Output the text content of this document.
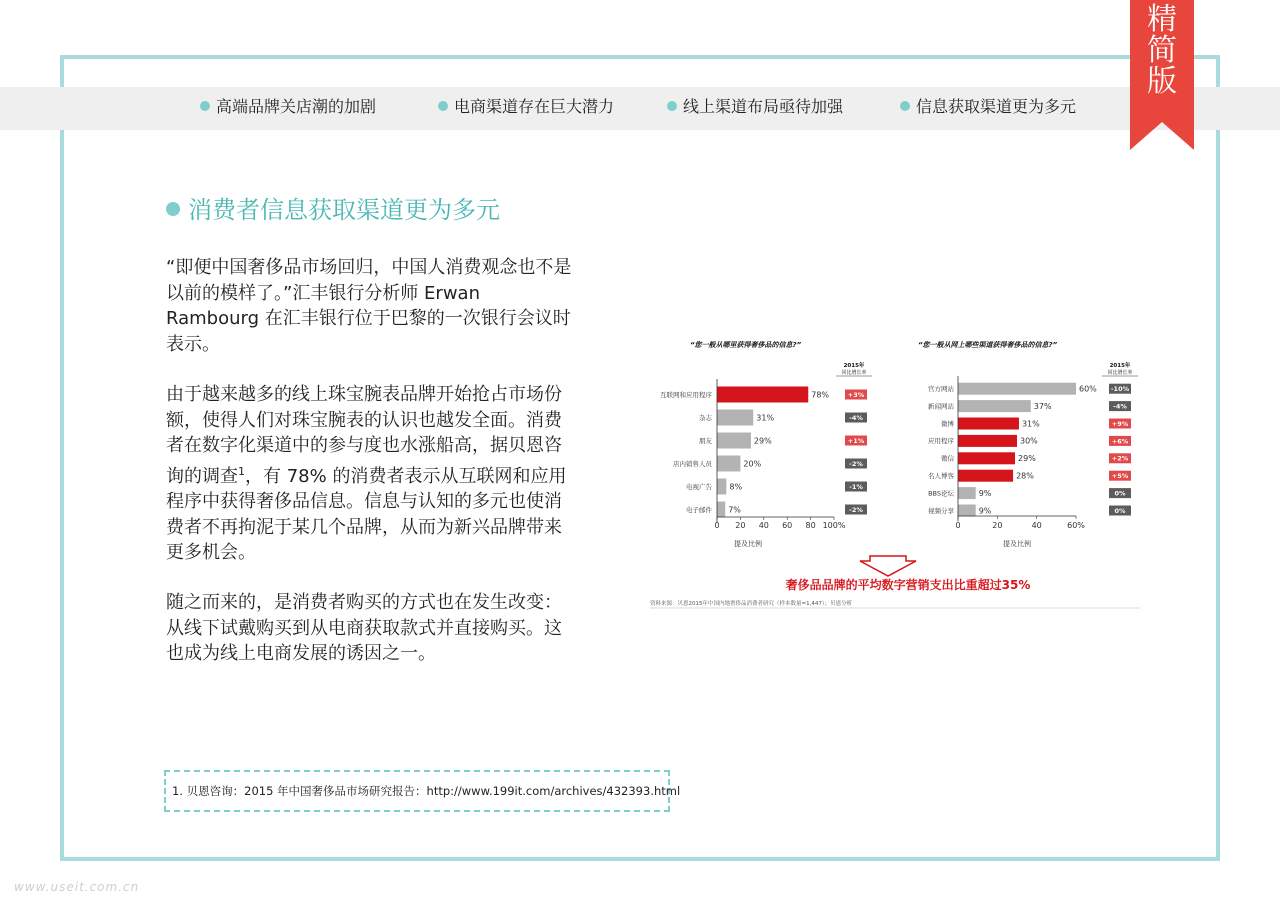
高端品牌关店潮的加剧	电商渠道存在巨大潜力	线上渠道布局亟待加强	信息获取渠道更为多元
精
简
版
消费者信息获取渠道更为多元

“即便中国奢侈品市场回归，中国人消费观念也不是以前的模样了。”汇丰银行分析师 Erwan Rambourg 在汇丰银行位于巴黎的一次银行会议时表示。

由于越来越多的线上珠宝腕表品牌开始抢占市场份额，使得人们对珠宝腕表的认识也越发全面。消费者在数字化渠道中的参与度也水涨船高，据贝恩咨询的调查$^1$，有 78% 的消费者表示从互联网和应用程序中获得奢侈品信息。信息与认知的多元也使消费者不再拘泥于某几个品牌，从而为新兴品牌带来更多机会。

随之而来的，是消费者购买的方式也在发生改变：从线下试戴购买到从电商获取款式并直接购买。这也成为线上电商发展的诱因之一。

“您一般从哪里获得奢侈品的信息?”
2015年
同比增长率
互联网和应用程序	78%	+3%
杂志	31%	-4%
朋友	29%	+1%
店内销售人员	20%	-2%
电视广告 8%	-1%
电子邮件 7%	-2%
0 20 40 60 80 100%
提及比例
“您一般从网上哪些渠道获得奢侈品的信息?”
2015年
同比增长率
官方网站	60% -10%
新闻网站	37%	-4%
微博	31%	+9%
应用程序	30%	+6%
微信	29%	+2%
名人博客	28%	+5%
BBS论坛	9%	0%
视频分享	9%	0%
0	20	40	60%
提及比例
奢侈品品牌的平均数字营销支出比重超过35%
资料来源：贝恩2015年中国内地奢侈品消费者研究（样本数量=1,447）；贝恩分析
1. 贝恩咨询：2015 年中国奢侈品市场研究报告：http://www.199it.com/archives/432393.html
www.useit.com.cn
